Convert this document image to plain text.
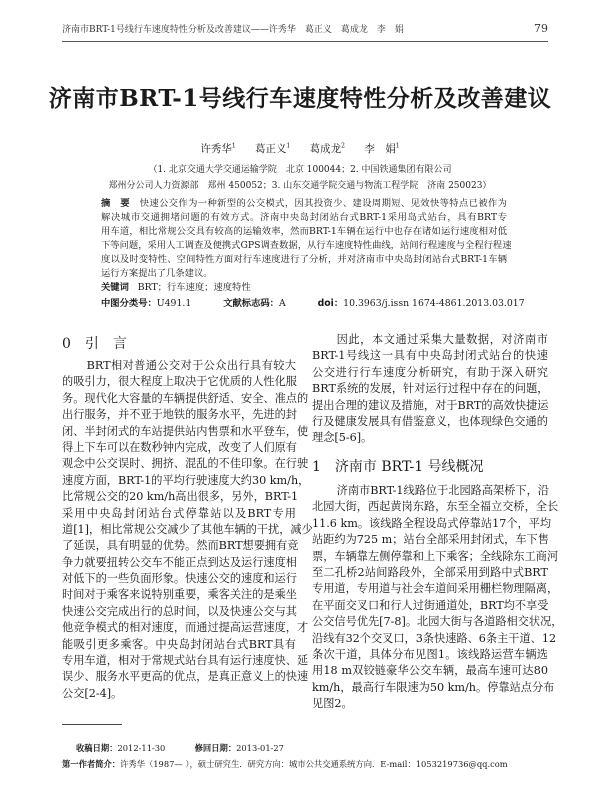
济南市BRT-1号线行车速度特性分析及改善建议——许秀华　葛正义　葛成龙　李　娟	79
济南市BRT-1号线行车速度特性分析及改善建议
许秀华$^1$ 葛正义$^1$ 葛成龙$^2$ 李　娟$^1$
（1. 北京交通大学交通运输学院　北京 100044；2. 中国铁通集团有限公司
郑州分公司人力资源部　郑州 450052；3. 山东交通学院交通与物流工程学院　济南 250023）
摘　要　 快速公交作为一种新型的公交模式，因其投资少、建设周期短、见效快等特点已被作为
解决城市交通拥堵问题的有效方式。济南中央岛封闭站台式BRT-1采用岛式站台，具有BRT专
用车道，相比常规公交具有较高的运输效率，然而BRT-1车辆在运行中也存在诸如运行速度相对低
下等问题，采用人工调查及便携式GPS调查数据，从行车速度特性曲线，站间行程速度与全程行程速
度以及时变特性、空间特性方面对行车速度进行了分析，并对济南市中央岛封闭站台式BRT-1车辆
运行方案提出了几条建议。
关键词 BRT；行车速度；速度特性
中图分类号：U491.1	文献标志码：A	doi：10.3963/j.issn 1674-4861.2013.03.017
0　引　言
BRT相对普通公交对于公众出行具有较大
的吸引力，很大程度上取决于它优质的人性化服
务。现代化大容量的车辆提供舒适、安全、准点的
出行服务，并不亚于地铁的服务水平，先进的封
闭、半封闭式的车站提供站内售票和水平登车，使
得上下车可以在数秒钟内完成，改变了人们原有
观念中公交误时、拥挤、混乱的不佳印象。在行驶
速度方面，BRT-1的平均行驶速度大约30 km/h，
比常规公交的20 km/h高出很多，另外，BRT-1
采用中央岛封闭站台式停靠站以及BRT专用
道[1]，相比常规公交减少了其他车辆的干扰，减少
了延误，具有明显的优势。然而BRT想要拥有竞
争力就要扭转公交车不能正点到达及运行速度相
对低下的一些负面形象。快速公交的速度和运行
时间对于乘客来说特别重要，乘客关注的是乘坐
快速公交完成出行的总时间，以及快速公交与其
他竞争模式的相对速度，而通过提高运营速度，才
能吸引更多乘客。中央岛封闭站台式BRT具有
专用车道，相对于常规式站台具有运行速度快、延
误少、服务水平更高的优点，是真正意义上的快速
公交[2-4]。
因此，本文通过采集大量数据，对济南市
BRT-1号线这一具有中央岛封闭式站台的快速
公交进行行车速度分析研究，有助于深入研究
BRT系统的发展，针对运行过程中存在的问题，
提出合理的建议及措施，对于BRT的高效快捷运
行及健康发展具有借鉴意义，也体现绿色交通的
理念[5-6]。
1　济南市 BRT-1 号线概况
济南市BRT-1线路位于北园路高架桥下，沿
北园大街，西起黄岗东路，东至全福立交桥，全长
11.6 km。该线路全程设岛式停靠站17个，平均
站距约为725 m；站台全部采用封闭式，车下售
票，车辆靠左侧停靠和上下乘客；全线除东工商河
至二孔桥2站间路段外，全部采用到路中式BRT
专用道，专用道与社会车道间采用栅栏物理隔离，
在平面交叉口和行人过街通道处，BRT均不享受
公交信号优先[7-8]。北园大街与各道路相交状况，
沿线有32个交叉口，3条快速路、6条主干道、12
条次干道，具体分布见图1。该线路运营车辆选
用18 m双铰链豪华公交车辆，最高车速可达80
km/h，最高行车限速为50 km/h。停靠站点分布
见图2。
收稿日期：2012-11-30	修回日期：2013-01-27
第一作者简介：许秀华（1987— ），硕士研究生．研究方向：城市公共交通系统方向．E-mail：1053219736@qq.com
